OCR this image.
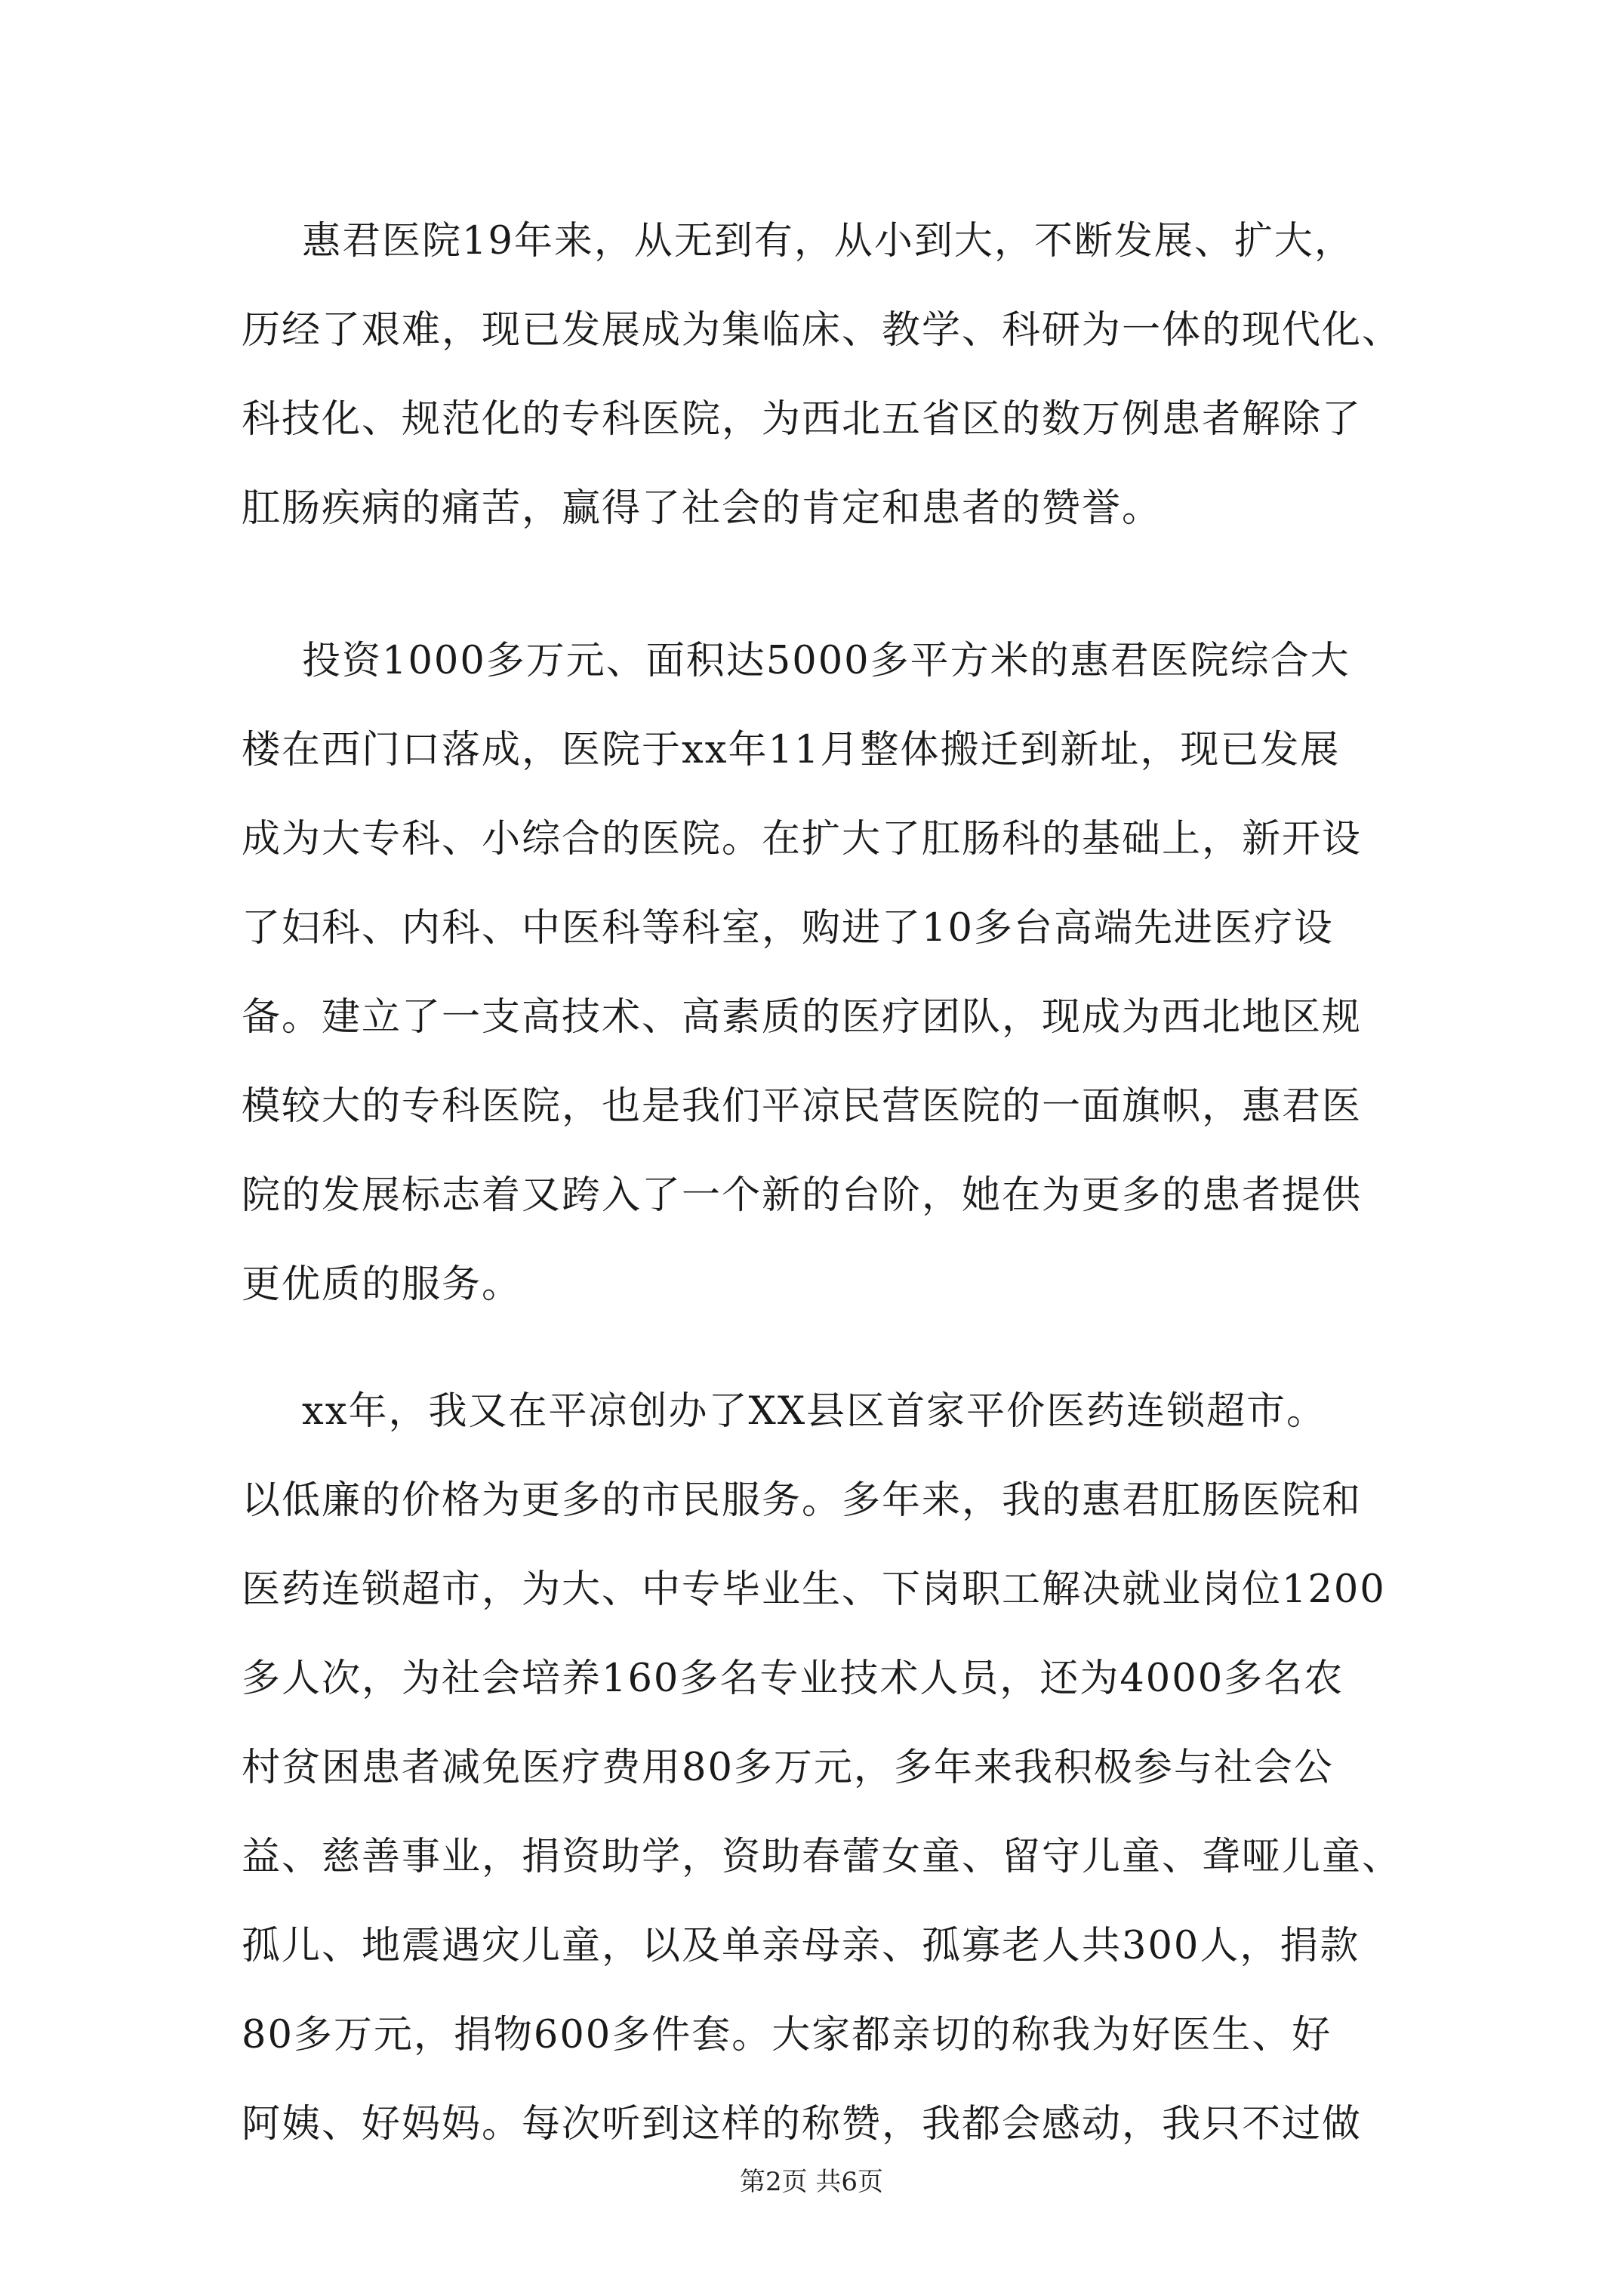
惠君医院19年来，从无到有，从小到大，不断发展、扩大，
历经了艰难，现已发展成为集临床、教学、科研为一体的现代化、
科技化、规范化的专科医院，为西北五省区的数万例患者解除了
肛肠疾病的痛苦，赢得了社会的肯定和患者的赞誉。
投资1000多万元、面积达5000多平方米的惠君医院综合大
楼在西门口落成，医院于xx年11月整体搬迁到新址，现已发展
成为大专科、小综合的医院。在扩大了肛肠科的基础上，新开设
了妇科、内科、中医科等科室，购进了10多台高端先进医疗设
备。建立了一支高技术、高素质的医疗团队，现成为西北地区规
模较大的专科医院，也是我们平凉民营医院的一面旗帜，惠君医
院的发展标志着又跨入了一个新的台阶，她在为更多的患者提供
更优质的服务。
xx年，我又在平凉创办了XX县区首家平价医药连锁超市。
以低廉的价格为更多的市民服务。多年来，我的惠君肛肠医院和
医药连锁超市，为大、中专毕业生、下岗职工解决就业岗位1200
多人次，为社会培养160多名专业技术人员，还为4000多名农
村贫困患者减免医疗费用80多万元，多年来我积极参与社会公
益、慈善事业，捐资助学，资助春蕾女童、留守儿童、聋哑儿童、
孤儿、地震遇灾儿童，以及单亲母亲、孤寡老人共300人，捐款
80多万元，捐物600多件套。大家都亲切的称我为好医生、好
阿姨、好妈妈。每次听到这样的称赞，我都会感动，我只不过做
第2页 共6页
